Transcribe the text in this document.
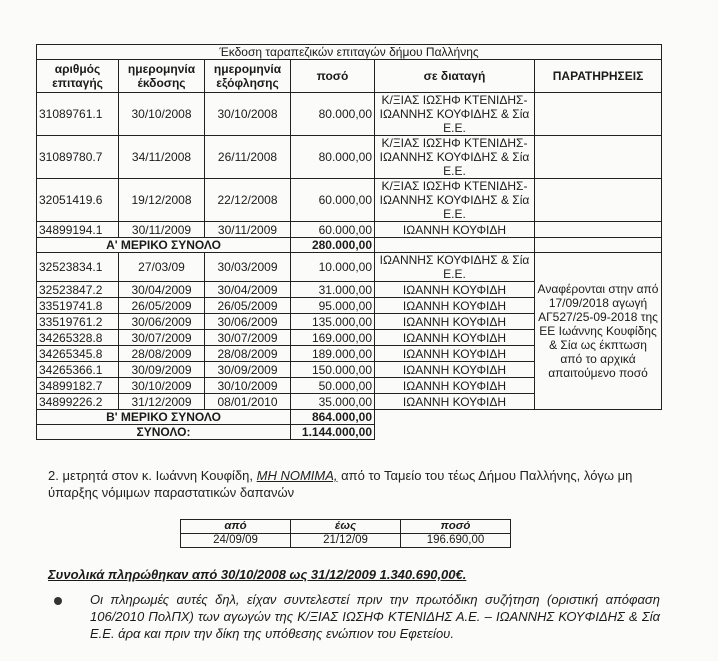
Έκδοση ταραπεζικών επιταγών δήμου Παλλήνης					
αριθμός επιταγής	ημερομηνία έκδοσης	ημερομηνία εξόφλησης	ποσό	σε διαταγή	ΠΑΡΑΤΗΡΗΣΕΙΣ
31089761.1	30/10/2008	30/10/2008	80.000,00	Κ/ΞΙΑΣ ΙΩΣΗΦ ΚΤΕΝΙΔΗΣ- ΙΩΑΝΝΗΣ ΚΟΥΦΙΔΗΣ & Σία Ε.Ε.	
31089780.7	34/11/2008	26/11/2008	80.000,00	Κ/ΞΙΑΣ ΙΩΣΗΦ ΚΤΕΝΙΔΗΣ- ΙΩΑΝΝΗΣ ΚΟΥΦΙΔΗΣ & Σία Ε.Ε.	
32051419.6	19/12/2008	22/12/2008	60.000,00	Κ/ΞΙΑΣ ΙΩΣΗΦ ΚΤΕΝΙΔΗΣ- ΙΩΑΝΝΗΣ ΚΟΥΦΙΔΗΣ & Σία Ε.Ε.	
34899194.1	30/11/2009	30/11/2009	60.000,00	ΙΩΑΝΝΗ ΚΟΥΦΙΔΗ	
Α' ΜΕΡΙΚΟ ΣΥΝΟΛΟ			280.000,00		
32523834.1	27/03/09	30/03/2009	10.000,00	ΙΩΑΝΝΗΣ ΚΟΥΦΙΔΗΣ & Σία Ε.Ε.	Αναφέρονται στην από 17/09/2018 αγωγή ΑΓ527/25-09-2018 της ΕΕ Ιωάννης Κουφίδης & Σία ως έκπτωση από το αρχικά απαιτούμενο ποσό
32523847.2	30/04/2009	30/04/2009	31.000,00	ΙΩΑΝΝΗ ΚΟΥΦΙΔΗ	
33519741.8	26/05/2009	26/05/2009	95.000,00	ΙΩΑΝΝΗ ΚΟΥΦΙΔΗ	
33519761.2	30/06/2009	30/06/2009	135.000,00	ΙΩΑΝΝΗ ΚΟΥΦΙΔΗ	
34265328.8	30/07/2009	30/07/2009	169.000,00	ΙΩΑΝΝΗ ΚΟΥΦΙΔΗ	
34265345.8	28/08/2009	28/08/2009	189.000,00	ΙΩΑΝΝΗ ΚΟΥΦΙΔΗ	
34265366.1	30/09/2009	30/09/2009	150.000,00	ΙΩΑΝΝΗ ΚΟΥΦΙΔΗ	
34899182.7	30/10/2009	30/10/2009	50.000,00	ΙΩΑΝΝΗ ΚΟΥΦΙΔΗ	
34899226.2	31/12/2009	08/01/2010	35.000,00	ΙΩΑΝΝΗ ΚΟΥΦΙΔΗ	
Β' ΜΕΡΙΚΟ ΣΥΝΟΛΟ			864.000,00		
ΣΥΝΟΛΟ:			1.144.000,00		
2. μετρητά στον κ. Ιωάννη Κουφίδη, ΜΗ ΝΟΜΙΜΑ, από το Ταμείο του τέως Δήμου Παλλήνης, λόγω μη ύπαρξης νόμιμων παραστατικών δαπανών
από	έως	ποσό
24/09/09	21/12/09	196.690,00
Συνολικά πληρώθηκαν από 30/10/2008 ως 31/12/2009 1.340.690,00€.
Οι πληρωμές αυτές δηλ, είχαν συντελεστεί πριν την πρωτόδικη συζήτηση (οριστική απόφαση 106/2010 ΠολΠΧ) των αγωγών της Κ/ΞΙΑΣ ΙΩΣΗΦ ΚΤΕΝΙΔΗΣ Α.Ε. – ΙΩΑΝΝΗΣ ΚΟΥΦΙΔΗΣ & Σία Ε.Ε. άρα και πριν την δίκη της υπόθεσης ενώπιον του Εφετείου.
